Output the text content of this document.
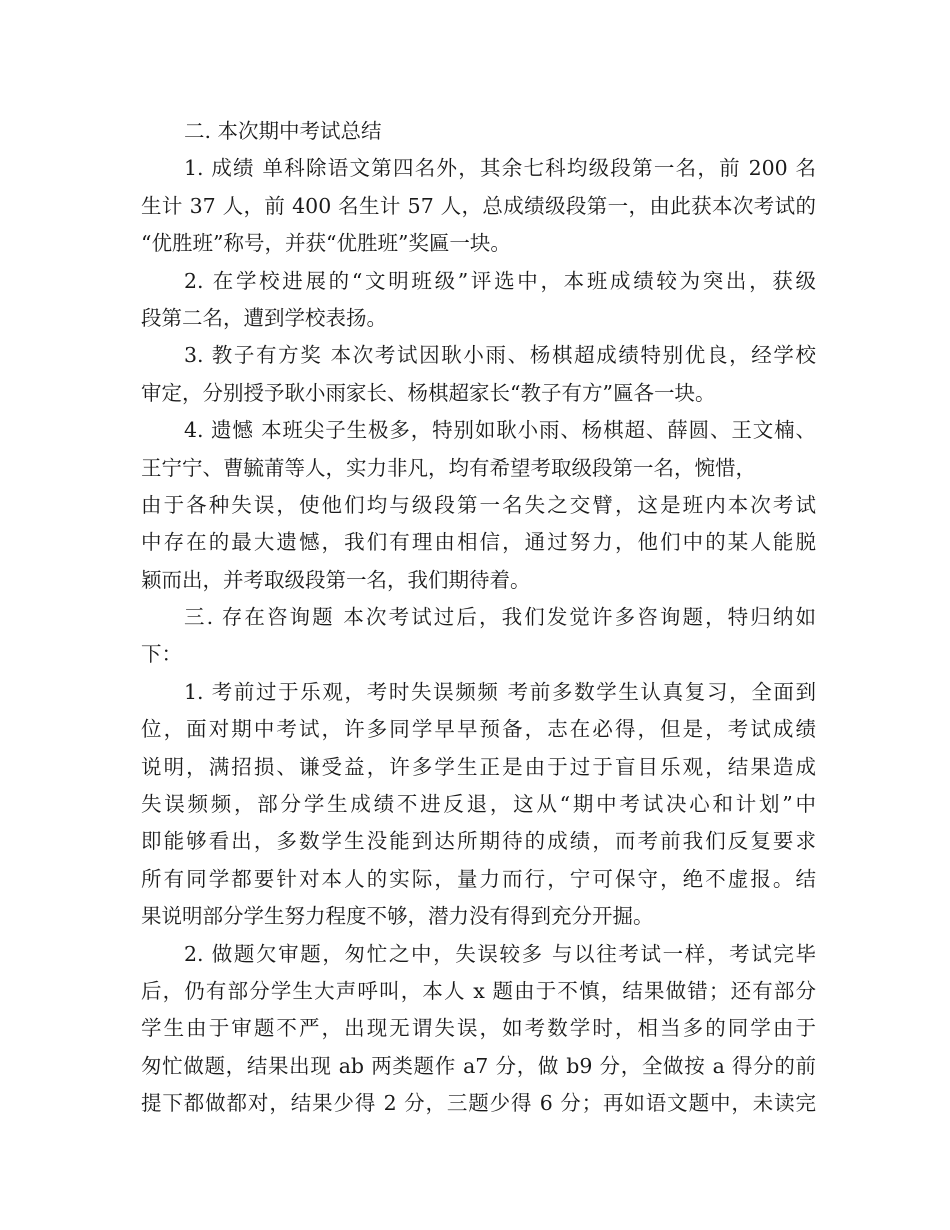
二. 本次期中考试总结
1. 成绩 单科除语文第四名外，其余七科均级段第一名，前 200 名
生计 37 人，前 400 名生计 57 人，总成绩级段第一，由此获本次考试的
“优胜班”称号，并获“优胜班”奖匾一块。
2. 在学校进展的“文明班级”评选中，本班成绩较为突出，获级
段第二名，遭到学校表扬。
3. 教子有方奖 本次考试因耿小雨、杨棋超成绩特别优良，经学校
审定，分别授予耿小雨家长、杨棋超家长“教子有方”匾各一块。
4. 遗憾 本班尖子生极多，特别如耿小雨、杨棋超、薛圆、王文楠、
王宁宁、曹毓莆等人，实力非凡，均有希望考取级段第一名，惋惜，
由于各种失误，使他们均与级段第一名失之交臂，这是班内本次考试
中存在的最大遗憾，我们有理由相信，通过努力，他们中的某人能脱
颖而出，并考取级段第一名，我们期待着。
三. 存在咨询题 本次考试过后，我们发觉许多咨询题，特归纳如
下：
1. 考前过于乐观，考时失误频频 考前多数学生认真复习，全面到
位，面对期中考试，许多同学早早预备，志在必得，但是，考试成绩
说明，满招损、谦受益，许多学生正是由于过于盲目乐观，结果造成
失误频频，部分学生成绩不进反退，这从“期中考试决心和计划”中
即能够看出，多数学生没能到达所期待的成绩，而考前我们反复要求
所有同学都要针对本人的实际，量力而行，宁可保守，绝不虚报。结
果说明部分学生努力程度不够，潜力没有得到充分开掘。
2. 做题欠审题，匆忙之中，失误较多 与以往考试一样，考试完毕
后，仍有部分学生大声呼叫，本人 x 题由于不慎，结果做错；还有部分
学生由于审题不严，出现无谓失误，如考数学时，相当多的同学由于
匆忙做题，结果出现 ab 两类题作 a7 分，做 b9 分，全做按 a 得分的前
提下都做都对，结果少得 2 分，三题少得 6 分；再如语文题中，未读完
